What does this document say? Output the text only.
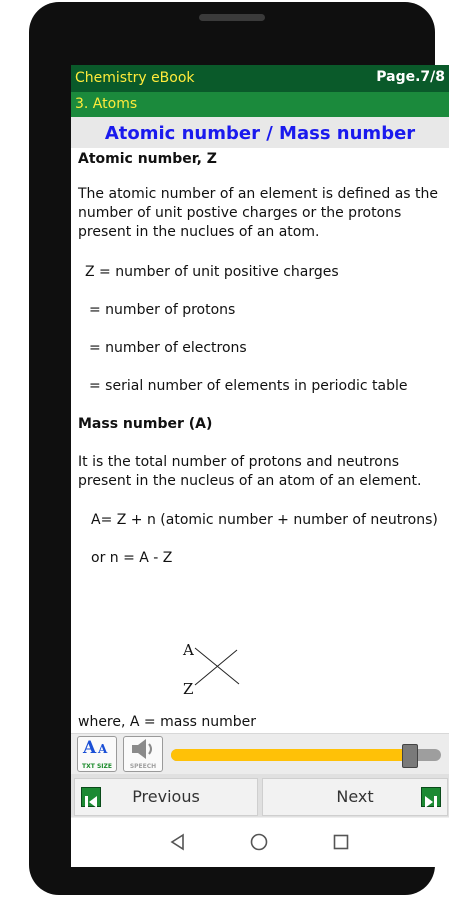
Chemistry eBook	Page.7/8
3. Atoms
Atomic number / Mass number

Atomic number, Z

The atomic number of an element is defined as the number of unit postive charges or the protons present in the nuclues of an atom.

Z = number of unit positive charges

= number of protons

= number of electrons

= serial number of elements in periodic table

Mass number (A)

It is the total number of protons and neutrons present in the nucleus of an atom of an element.

A= Z + n (atomic number + number of neutrons)

or n = A - Z

A
Z

where, A = mass number

A A
TXT SIZE	SPEECH
Previous	Next
